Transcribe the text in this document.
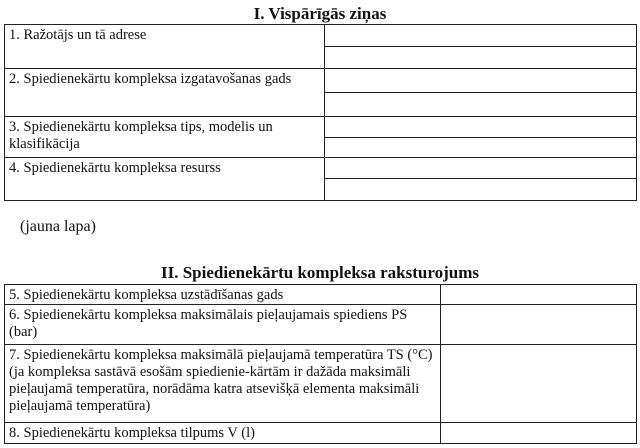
I. Vispārīgās ziņas
1. Ražotājs un tā adrese	

2. Spiedienekārtu kompleksa izgatavošanas gads	

3. Spiedienekārtu kompleksa tips, modelis un klasifikācija	

4. Spiedienekārtu kompleksa resurss	
(jauna lapa)
II. Spiedienekārtu kompleksa raksturojums
5. Spiedienekārtu kompleksa uzstādīšanas gads	
6. Spiedienekārtu kompleksa maksimālais pieļaujamais spiediens PS (bar)	
7. Spiedienekārtu kompleksa maksimālā pieļaujamā temperatūra TS (°C) (ja kompleksa sastāvā esošām spiedienie-kārtām ir dažāda maksimāli pieļaujamā temperatūra, norādāma katra atsevišķā elementa maksimāli pieļaujamā temperatūra)	
8. Spiedienekārtu kompleksa tilpums V (l)	
